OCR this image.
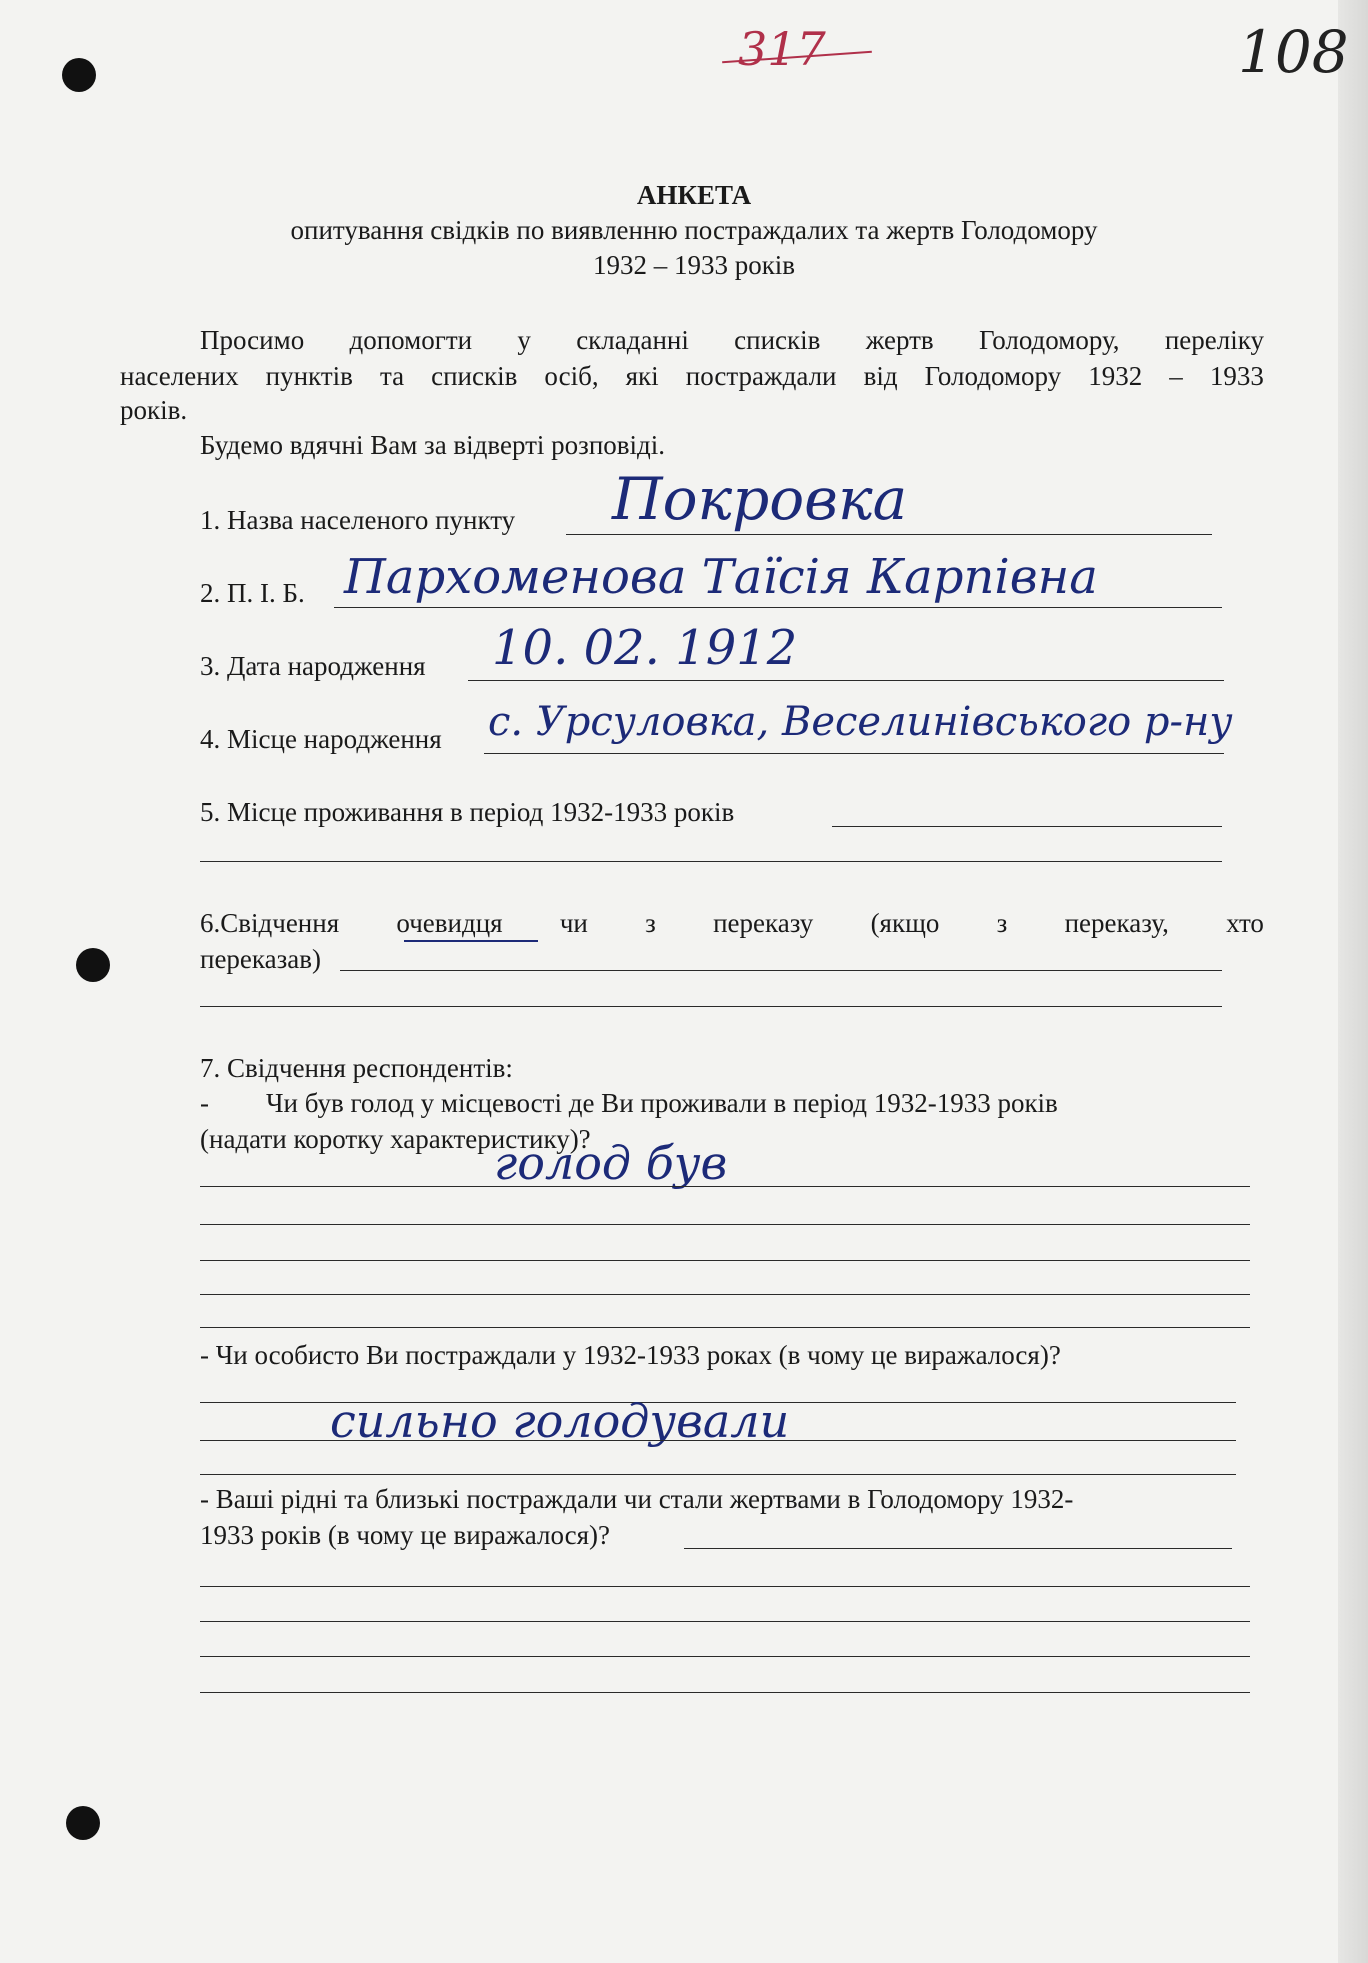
317	108
АНКЕТА
опитування свідків по виявленню постраждалих та жертв Голодомору
1932 – 1933 років
Просимо допомогти у складанні списків жертв Голодомору, переліку
населених пунктів та списків осіб, які постраждали від Голодомору 1932 – 1933
років.
Будемо вдячні Вам за відверті розповіді.
1. Назва населеного пункту Покровка
2. П. І. Б. Пархоменова Таїсія Карпівна
3. Дата народження 10. 02. 1912
4. Місце народження с. Урсуловка, Веселинівського р-ну
5. Місце проживання в період 1932-1933 років
6.Свідчення очевидця чи з переказу (якщо з переказу, хто
переказав)
7. Свідчення респондентів:
- Чи був голод у місцевості де Ви проживали в період 1932-1933 років
(надати коротку характеристику)?
голод був
- Чи особисто Ви постраждали у 1932-1933 роках (в чому це виражалося)?
сильно голодували
- Ваші рідні та близькі постраждали чи стали жертвами в Голодомору 1932-
1933 років (в чому це виражалося)?
